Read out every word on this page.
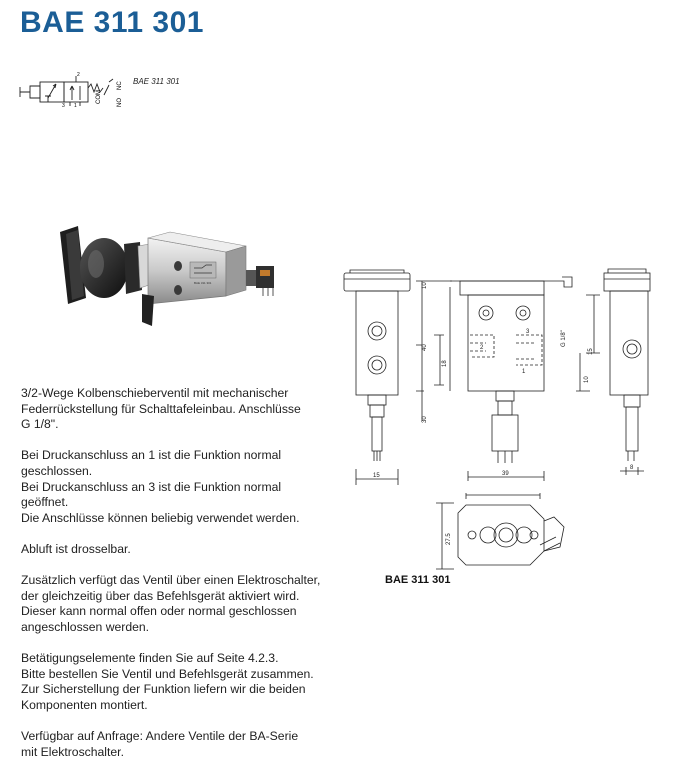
BAE 311 301
2
3 1
COM
NC
NO
BAE 311 301
BAE 311 301	10
40
30
15
18
G 1/8"
15
10
2
1
3
39
8
27.5
BAE 311 301

3/2-Wege Kolbenschieberventil mit mechanischer
Federrückstellung für Schalttafeleinbau. Anschlüsse
G 1/8".

Bei Druckanschluss an 1 ist die Funktion normal
geschlossen.
Bei Druckanschluss an 3 ist die Funktion normal
geöffnet.
Die Anschlüsse können beliebig verwendet werden.

Abluft ist drosselbar.

Zusätzlich verfügt das Ventil über einen Elektroschalter,
der gleichzeitig über das Befehlsgerät aktiviert wird.
Dieser kann normal offen oder normal geschlossen
angeschlossen werden.

Betätigungselemente finden Sie auf Seite 4.2.3.
Bitte bestellen Sie Ventil und Befehlsgerät zusammen.
Zur Sicherstellung der Funktion liefern wir die beiden
Komponenten montiert.

Verfügbar auf Anfrage: Andere Ventile der BA-Serie
mit Elektroschalter.
